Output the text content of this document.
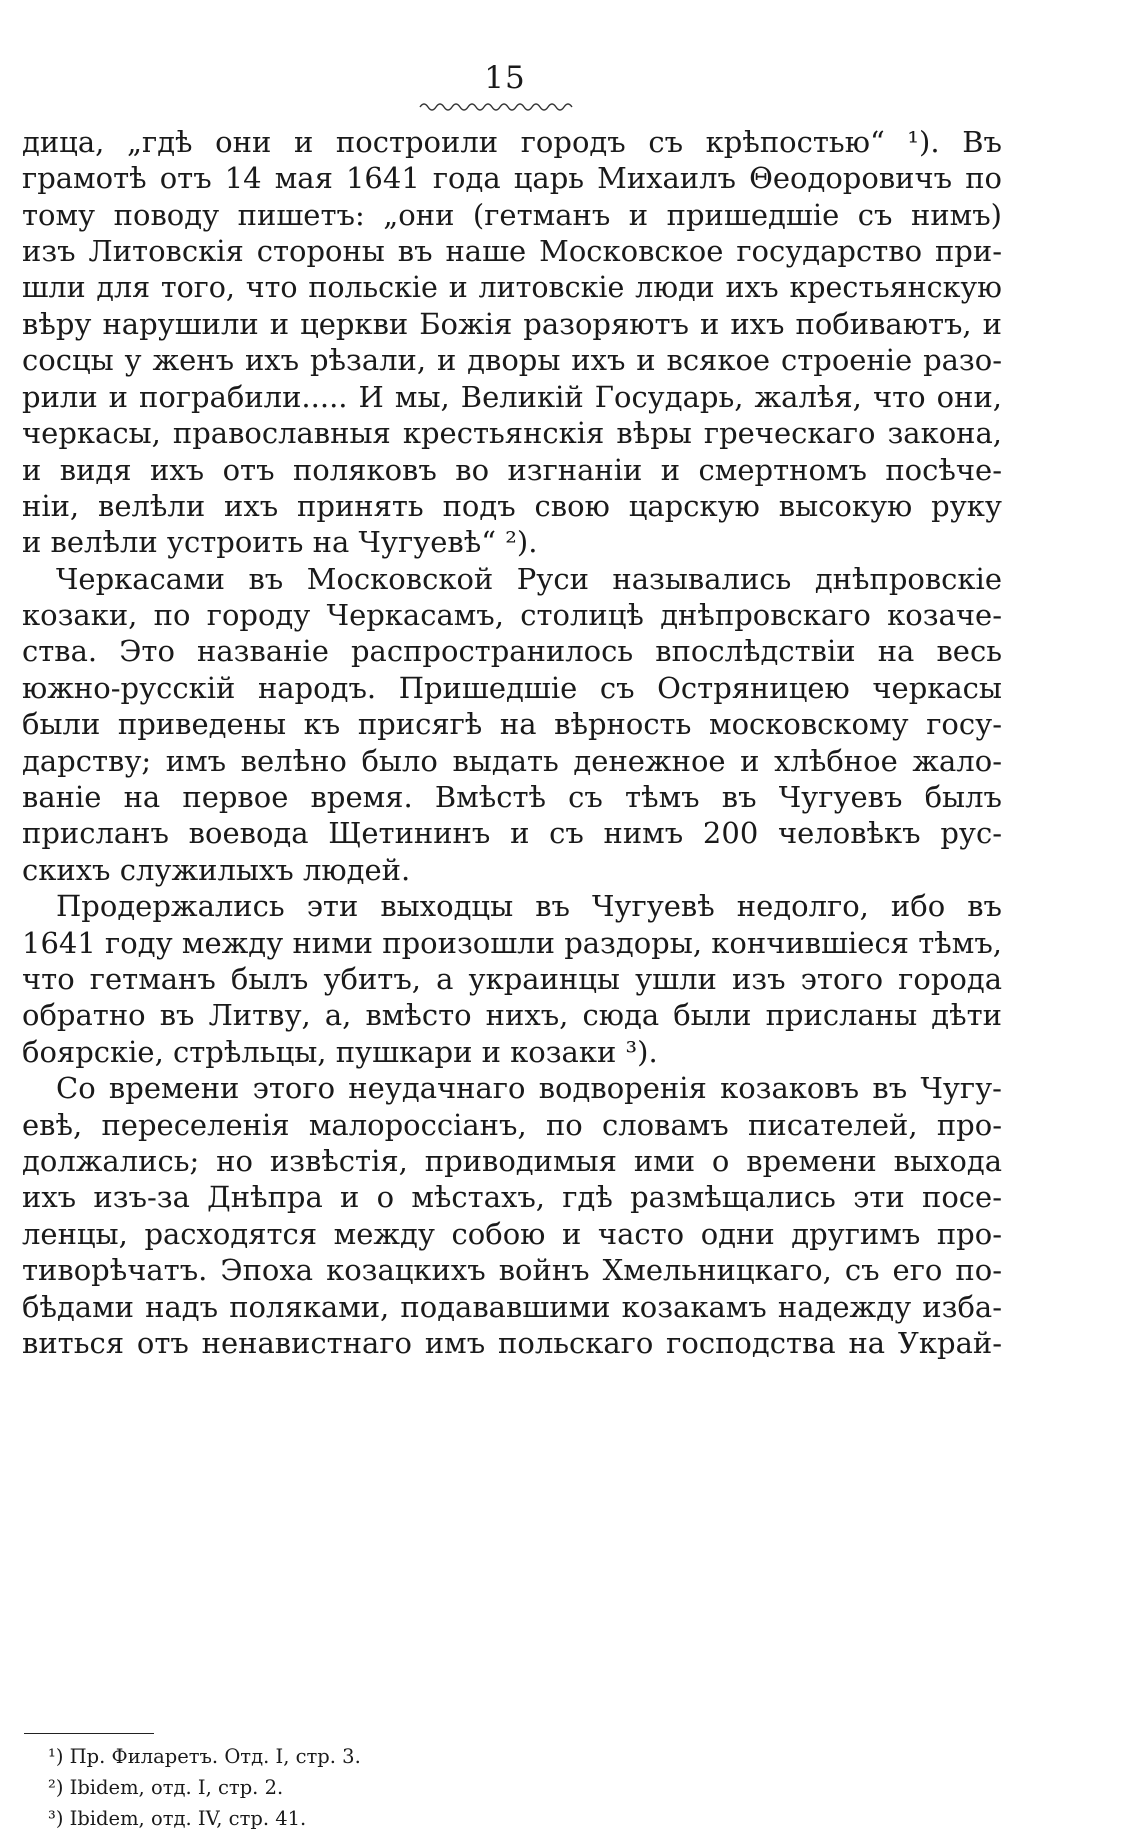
15
дица, „гдѣ они и построили городъ съ крѣпостью“ ¹). Въ
грамотѣ отъ 14 мая 1641 года царь Михаилъ Θеодоровичъ по
тому поводу пишетъ: „они (гетманъ и пришедшіе съ нимъ)
изъ Литовскія стороны въ наше Московское государство при-
шли для того, что польскіе и литовскіе люди ихъ крестьянскую
вѣру нарушили и церкви Божія разоряютъ и ихъ побиваютъ, и
сосцы у женъ ихъ рѣзали, и дворы ихъ и всякое строеніе разо-
рили и пограбили..... И мы, Великій Государь, жалѣя, что они,
черкасы, православныя крестьянскія вѣры греческаго закона,
и видя ихъ отъ поляковъ во изгнаніи и смертномъ посѣче-
ніи, велѣли ихъ принять подъ свою царскую высокую руку
и велѣли устроить на Чугуевѣ“ ²).
Черкасами въ Московской Руси назывались днѣпровскіе
козаки, по городу Черкасамъ, столицѣ днѣпровскаго козаче-
ства. Это названіе распространилось впослѣдствіи на весь
южно-русскій народъ. Пришедшіе съ Остряницею черкасы
были приведены къ присягѣ на вѣрность московскому госу-
дарству; имъ велѣно было выдать денежное и хлѣбное жало-
ваніе на первое время. Вмѣстѣ съ тѣмъ въ Чугуевъ былъ
присланъ воевода Щетининъ и съ нимъ 200 человѣкъ рус-
скихъ служилыхъ людей.
Продержались эти выходцы въ Чугуевѣ недолго, ибо въ
1641 году между ними произошли раздоры, кончившіеся тѣмъ,
что гетманъ былъ убитъ, а украинцы ушли изъ этого города
обратно въ Литву, а, вмѣсто нихъ, сюда были присланы дѣти
боярскіе, стрѣльцы, пушкари и козаки ³).
Со времени этого неудачнаго водворенія козаковъ въ Чугу-
евѣ, переселенія малороссіанъ, по словамъ писателей, про-
должались; но извѣстія, приводимыя ими о времени выхода
ихъ изъ-за Днѣпра и о мѣстахъ, гдѣ размѣщались эти посе-
ленцы, расходятся между собою и часто одни другимъ про-
тиворѣчатъ. Эпоха козацкихъ войнъ Хмельницкаго, съ его по-
бѣдами надъ поляками, подававшими козакамъ надежду изба-
виться отъ ненавистнаго имъ польскаго господства на Украй-
¹) Пр. Филаретъ. Отд. I, стр. 3.
²) Ibidem, отд. I, стр. 2.
³) Ibidem, отд. IV, стр. 41.
